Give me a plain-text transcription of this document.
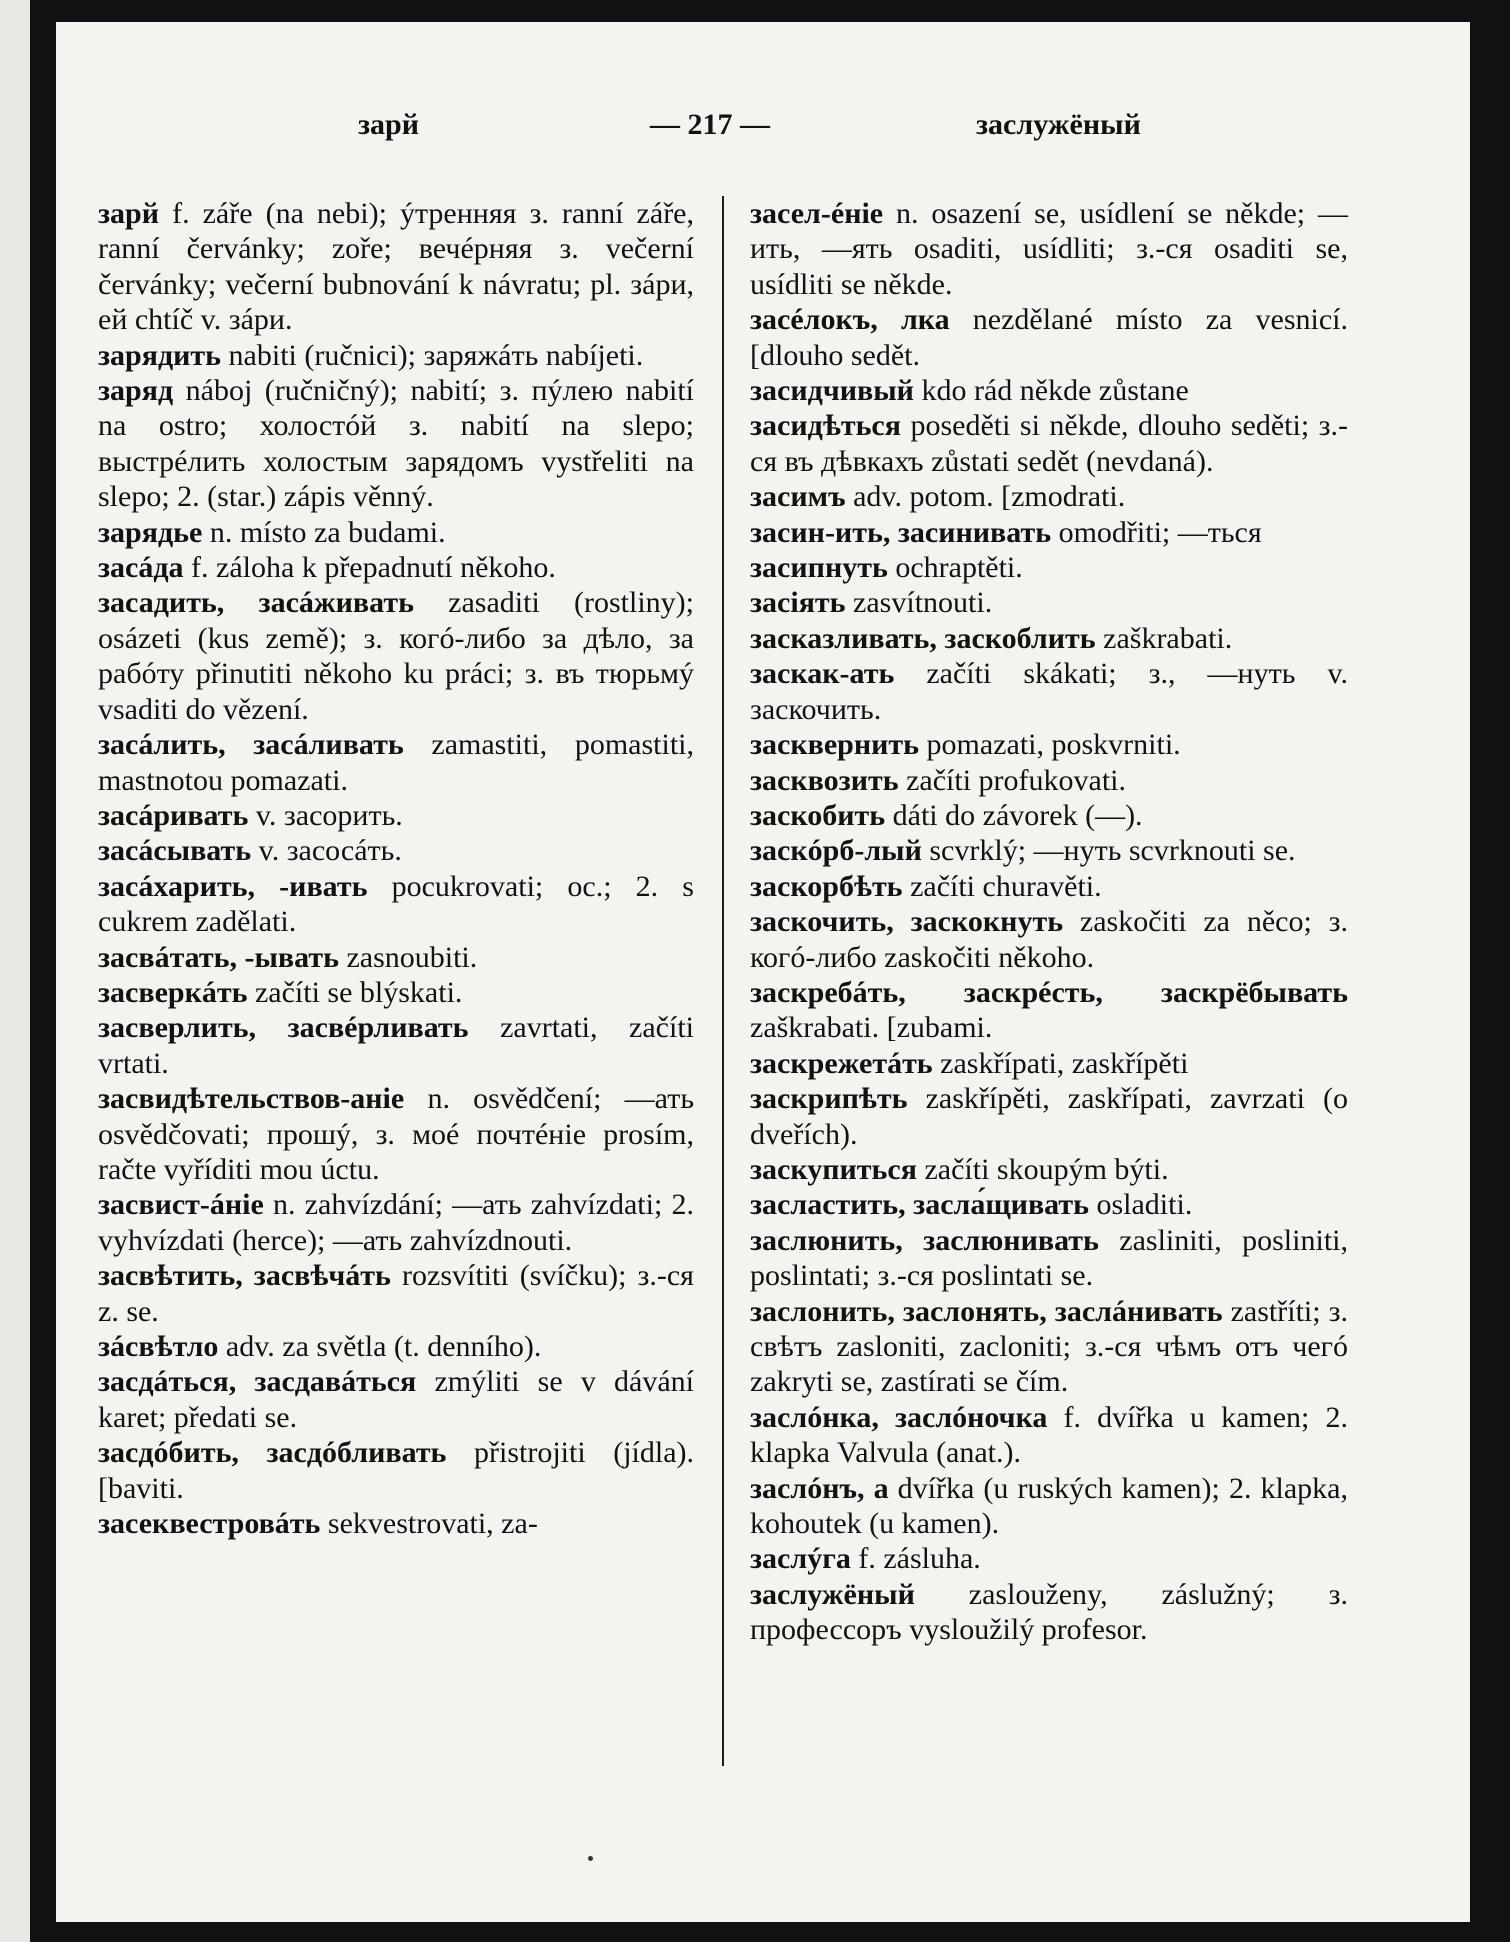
зарй	— 217 —	заслужёный

зарй f. záře (na nebi); ýтренняя з. ranní záře, ranní červánky; zoře; вечéрняя з. večerní červánky; večerní bubnování k návratu; pl. зáри, ей chtíč v. зáри.

зарядить nabiti (ručnici); заряжáть nabíjeti.

заряд náboj (ručničný); nabití; з. пýлею nabití na ostro; холостóй з. nabití na slepo; выстрéлить холостым зарядомъ vystřeliti na slepo; 2. (star.) zápis věnný.

зарядье n. místo za budami.

засáда f. záloha k přepadnutí někoho.

засадить, засáживать zasaditi (rostliny); osázeti (kus země); з. когó-либо за дѣло, за рабóту přinutiti někoho ku práci; з. въ тюрьмý vsaditi do vězení.

засáлить, засáливать zamastiti, pomastiti, mastnotou pomazati.

засáривать v. засорить.

засáсывать v. засосáть.

засáхарить, -ивать pocukrovati; oc.; 2. s cukrem zadělati.

засвáтать, -ывать zasnoubiti.

засверкáть začíti se blýskati.

засверлить, засвéрливать zavrtati, začíti vrtati.

засвидѣтельствов-аніе n. osvědčení; —ать osvědčovati; прошý, з. моé почтéніе prosím, račte vyříditi mou úctu.

засвист-áніе n. zahvízdání; —ать zahvízdati; 2. vyhvízdati (herce); —ать zahvízdnouti.

засвѣтить, засвѣчáть rozsvítiti (svíčku); з.-ся z. se.

зáсвѣтло adv. za světla (t. denního).

засдáться, засдавáться zmýliti se v dávání karet; předati se.

засдóбить, засдóбливать přistrojiti (jídla). [baviti.

засеквестровáть sekvestrovati, za-

засел-éніе n. osazení se, usídlení se někde; —ить, —ять osaditi, usídliti; з.-ся osaditi se, usídliti se někde.

засéлокъ, лка nezdělané místo za vesnicí. [dlouho sedět.

засидчивый kdo rád někde zůstane

засидѣться poseděti si někde, dlouho seděti; з.-ся въ дѣвкахъ zůstati sedět (nevdaná).

засимъ adv. potom. [zmodrati.

засин-ить, засинивать omodřiti; —ться

засипнуть ochraptěti.

засіять zasvítnouti.

засказливать, заскоблить zaškrabati.

заскак-ать začíti skákati; з., —нуть v. заскочить.

засквернить pomazati, poskvrniti.

засквозить začíti profukovati.

заскобить dáti do závorek (—).

заскóрб-лый scvrklý; —нуть scvrknouti se.

заскорбѣть začíti churavěti.

заскочить, заскокнуть zaskočiti za něco; з. когó-либо zaskočiti někoho.

заскребáть, заскрéсть, заскрёбывать zaškrabati. [zubami.

заскрежетáть zaskřípati, zaskřípěti

заскрипѣть zaskřípěti, zaskřípati, zavrzati (o dveřích).

заскупиться začíti skoupým býti.

засластить, засла́щивать osladiti.

заслюнить, заслюнивать zasliniti, posliniti, poslintati; з.-ся poslintati se.

заслонить, заслонять, заслáнивать zastříti; з. свѣтъ zasloniti, zacloniti; з.-ся чѣмъ отъ чегó zakryti se, zastírati se čím.

заслóнка, заслóночка f. dvířka u kamen; 2. klapka Valvula (anat.).

заслóнъ, а dvířka (u ruských kamen); 2. klapka, kohoutek (u kamen).

заслýга f. zásluha.

заслужёный zaslouženy, záslužný; з. профессоръ vysloužilý profesor.
